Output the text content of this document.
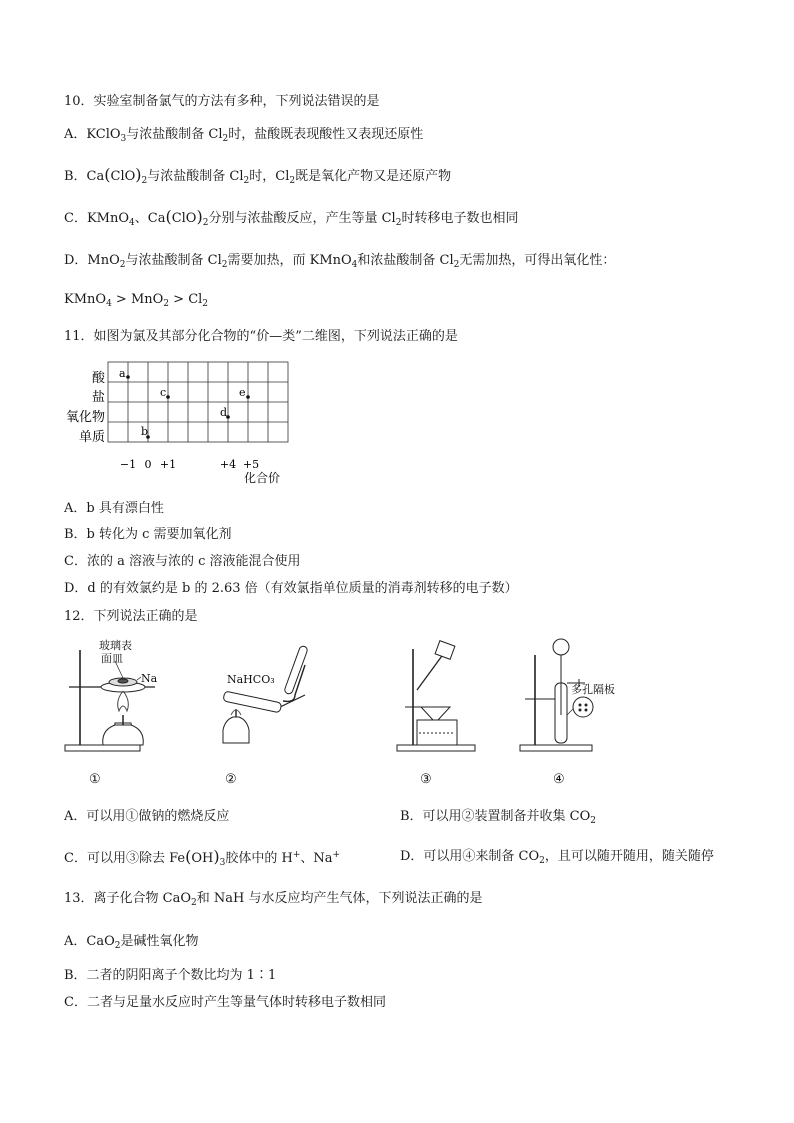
10．实验室制备氯气的方法有多种，下列说法错误的是
A．KClO$_3$与浓盐酸制备 $Cl_2$时，盐酸既表现酸性又表现还原性
B．$Ca(ClO)_2$与浓盐酸制备 $Cl_2$时，$Cl_2$既是氧化产物又是还原产物
C．KMnO$_4$、$Ca(ClO)_2$分别与浓盐酸反应，产生等量 $Cl_2$时转移电子数也相同
D．MnO$_2$与浓盐酸制备 $Cl_2$需要加热，而 KMnO$_4$和浓盐酸制备 $Cl_2$无需加热，可得出氧化性：
KMnO$_4$ > $MnO_2 > Cl_2$
11．如图为氯及其部分化合物的“价—类”二维图，下列说法正确的是
酸
盐
氧化物
单质
a
b
c
d
e
−1 0 +1	+4 +5
化合价
A．b 具有漂白性
B．b 转化为 c 需要加氧化剂
C．浓的 a 溶液与浓的 c 溶液能混合使用
D．d 的有效氯约是 b 的 2.63 倍（有效氯指单位质量的消毒剂转移的电子数）
12．下列说法正确的是
玻璃表
面皿
Na
①
NaHCO₃
②	③
多孔隔板
④
A．可以用①做钠的燃烧反应	B．可以用②装置制备并收集 $CO_2$
C．可以用③除去 $Fe(OH)_3$胶体中的 H+、Na+	D．可以用④来制备 $CO_2$，且可以随开随用，随关随停
13．离子化合物 CaO$_2$和 NaH 与水反应均产生气体，下列说法正确的是
A．CaO$_2$是碱性氧化物
B．二者的阴阳离子个数比均为 1∶1
C．二者与足量水反应时产生等量气体时转移电子数相同
